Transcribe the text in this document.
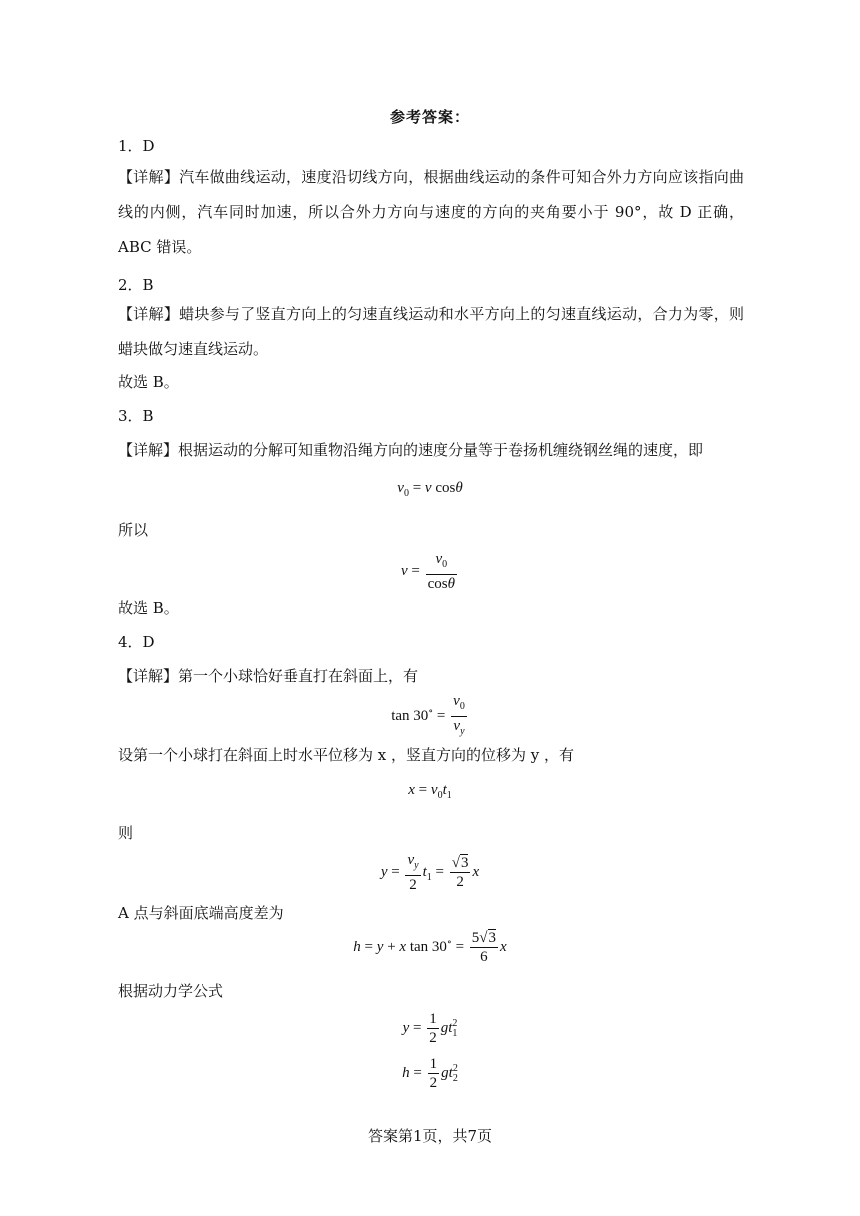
参考答案：
1．D
【详解】汽车做曲线运动，速度沿切线方向，根据曲线运动的条件可知合外力方向应该指向曲线的内侧，汽车同时加速，所以合外力方向与速度的方向的夹角要小于 90°，故 D 正确，ABC 错误。
2．B
【详解】蜡块参与了竖直方向上的匀速直线运动和水平方向上的匀速直线运动，合力为零，则蜡块做匀速直线运动。
故选 B。
3．B
【详解】根据运动的分解可知重物沿绳方向的速度分量等于卷扬机缠绕钢丝绳的速度，即
$v_0 = v$ cosθ
所以
$v = \frac{v_0}{\cos\theta}$
故选 B。
4．D
【详解】第一个小球恰好垂直打在斜面上，有
$\tan 30^\circ = \frac{v_0}{v_y}$
设第一个小球打在斜面上时水平位移为 x ，竖直方向的位移为 y ，有
$x = v_0t_1$
则
$y = \frac{v_y}{2} t_1 = \frac{√3}{2}$ x
A 点与斜面底端高度差为
h = y + x $\tan 30^\circ = \frac{5√3}{6}$ x
根据动力学公式
$y = \frac{1}{2} gt_1^2$
$h = \frac{1}{2} gt_2^2$
答案第1页，共7页
